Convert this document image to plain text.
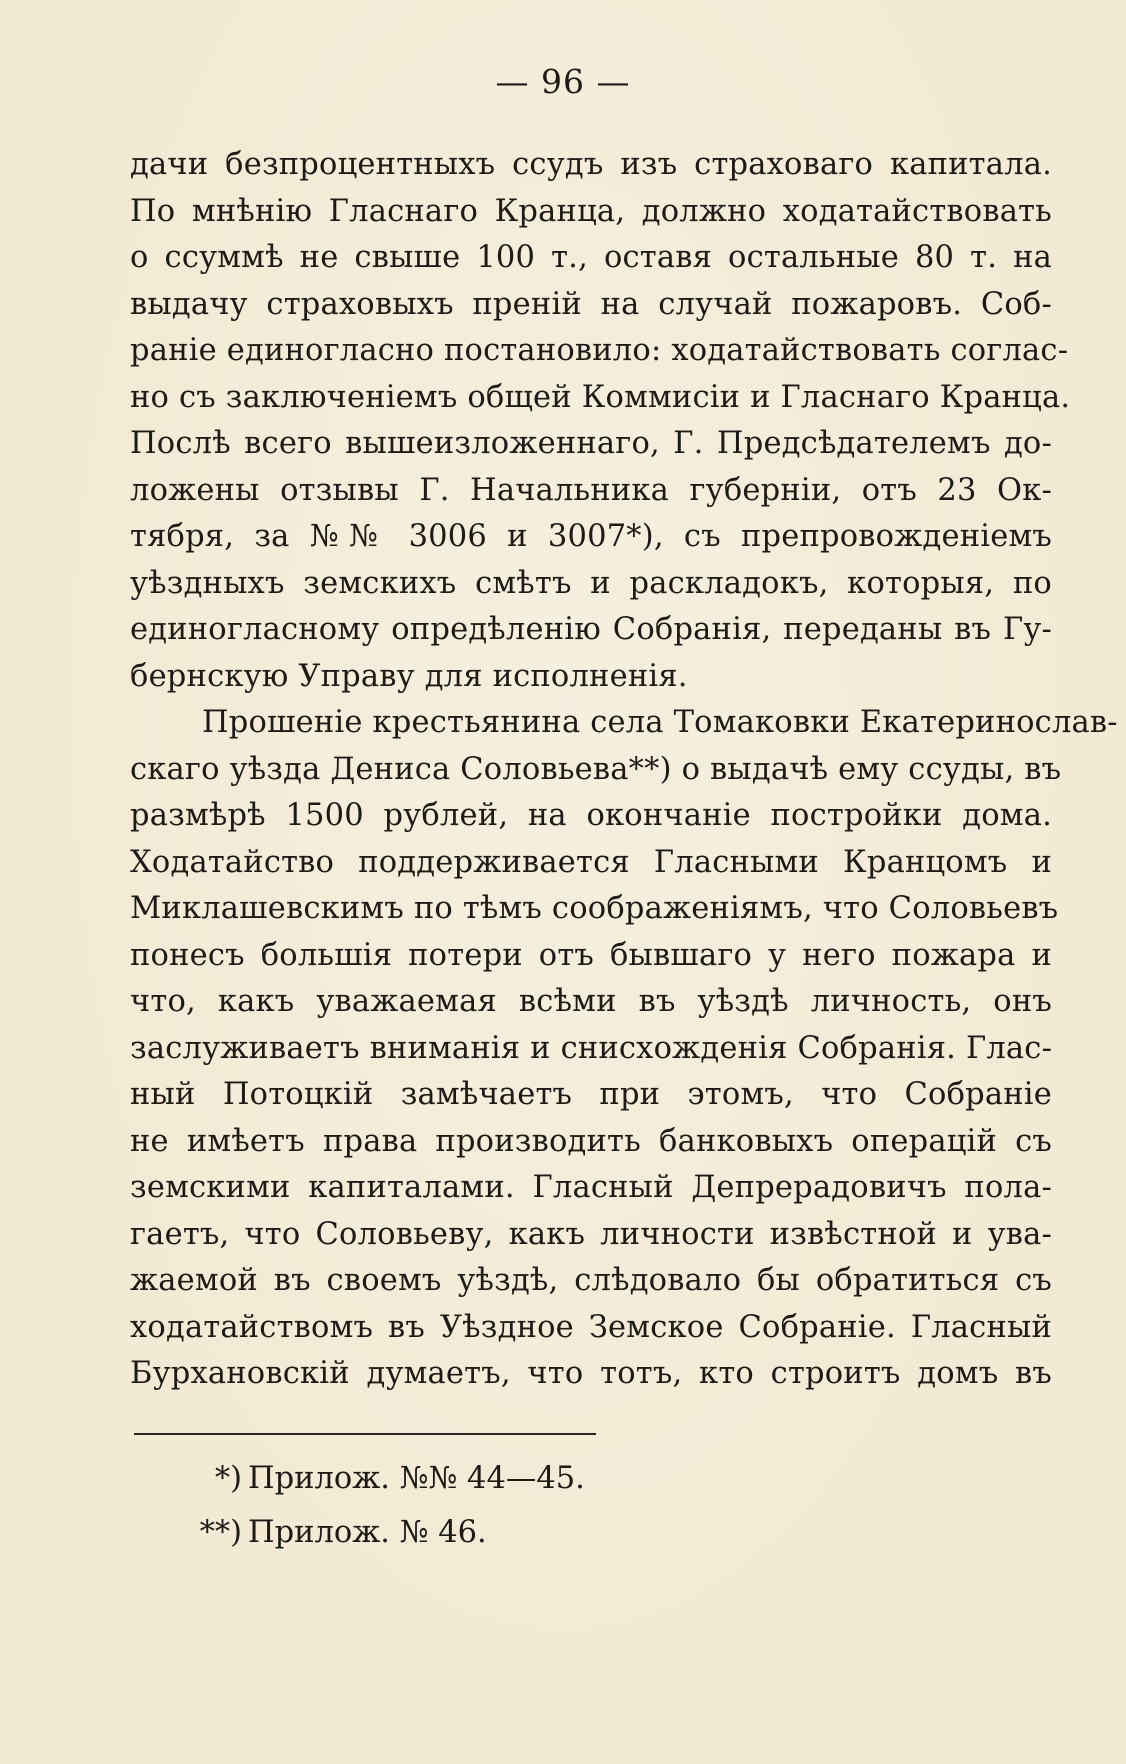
— 96 —
дачи безпроцентныхъ ссудъ изъ страховаго капитала.
По мнѣнію Гласнаго Кранца, должно ходатайствовать
о ссуммѣ не свыше 100 т., оставя остальные 80 т. на
выдачу страховыхъ преній на случай пожаровъ. Соб-
раніе единогласно постановило: ходатайствовать соглас-
но съ заключеніемъ общей Коммисіи и Гласнаго Кранца.
Послѣ всего вышеизложеннаго, Г. Предсѣдателемъ до-
ложены отзывы Г. Начальника губерніи, отъ 23 Ок-
тября, за №№ 3006 и 3007*), съ препровожденіемъ
уѣздныхъ земскихъ смѣтъ и раскладокъ, которыя, по
единогласному опредѣленію Собранія, переданы въ Гу-
бернскую Управу для исполненія.
Прошеніе крестьянина села Томаковки Екатеринослав-
скаго уѣзда Дениса Соловьева**) о выдачѣ ему ссуды, въ
размѣрѣ 1500 рублей, на окончаніе постройки дома.
Ходатайство поддерживается Гласными Кранцомъ и
Миклашевскимъ по тѣмъ соображеніямъ, что Соловьевъ
понесъ большія потери отъ бывшаго у него пожара и
что, какъ уважаемая всѣми въ уѣздѣ личность, онъ
заслуживаетъ вниманія и снисхожденія Собранія. Глас-
ный Потоцкій замѣчаетъ при этомъ, что Собраніе
не имѣетъ права производить банковыхъ операцій съ
земскими капиталами. Гласный Депрерадовичъ пола-
гаетъ, что Соловьеву, какъ личности извѣстной и ува-
жаемой въ своемъ уѣздѣ, слѣдовало бы обратиться съ
ходатайствомъ въ Уѣздное Земское Собраніе. Гласный
Бурхановскій думаетъ, что тотъ, кто строитъ домъ въ
*) Прилож. №№ 44—45.
**) Прилож. № 46.
